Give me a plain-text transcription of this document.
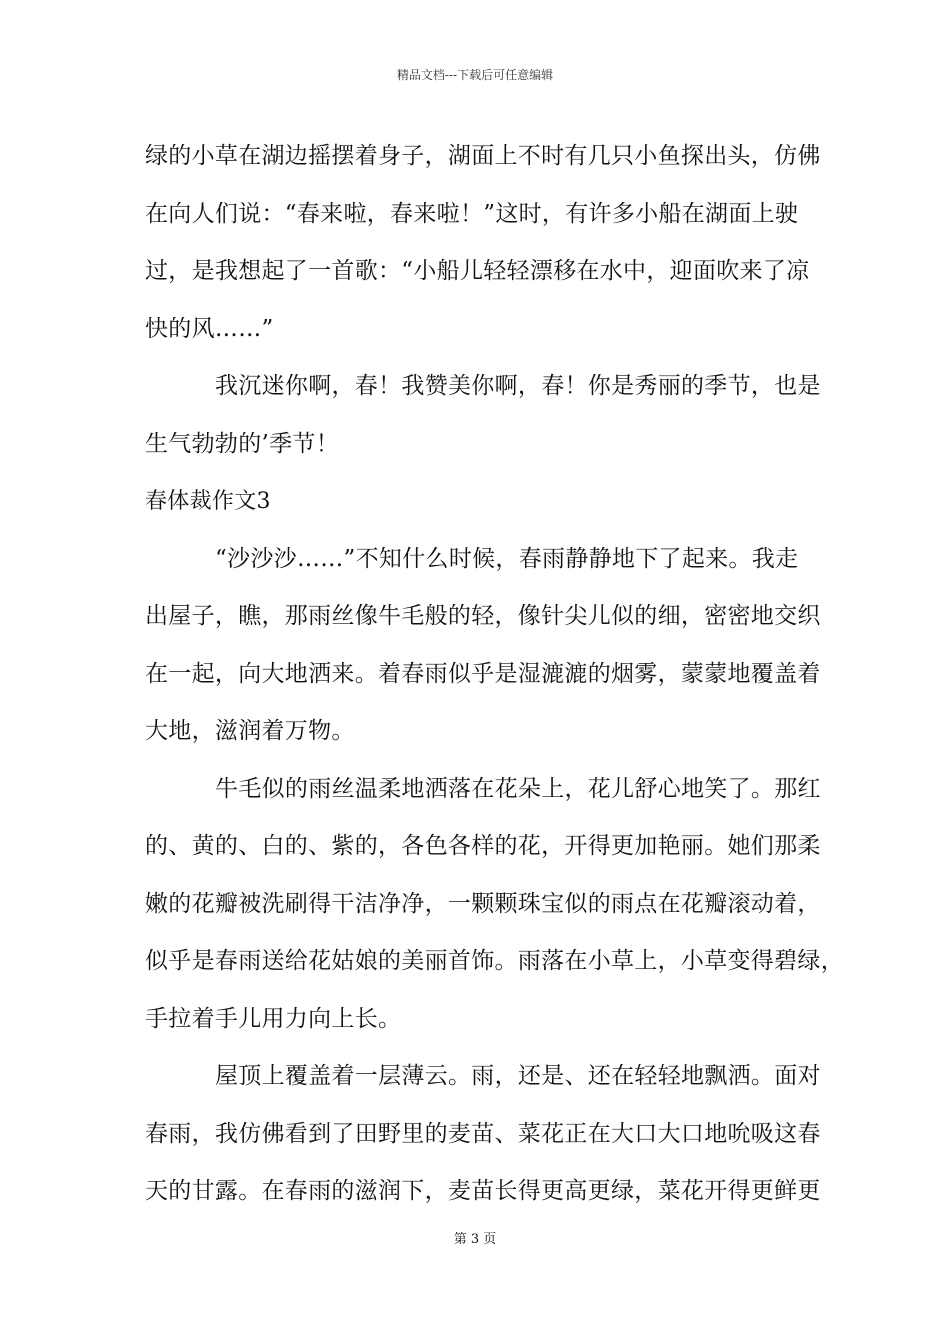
精品文档---下载后可任意编辑
绿的小草在湖边摇摆着身子，湖面上不时有几只小鱼探出头，仿佛
在向人们说：“春来啦，春来啦！”这时，有许多小船在湖面上驶
过，是我想起了一首歌：“小船儿轻轻漂移在水中，迎面吹来了凉
快的风……”
我沉迷你啊，春！我赞美你啊，春！你是秀丽的季节，也是
生气勃勃的’季节！
春体裁作文3
“沙沙沙……”不知什么时候，春雨静静地下了起来。我走
出屋子，瞧，那雨丝像牛毛般的轻，像针尖儿似的细，密密地交织
在一起，向大地洒来。着春雨似乎是湿漉漉的烟雾，蒙蒙地覆盖着
大地，滋润着万物。
牛毛似的雨丝温柔地洒落在花朵上，花儿舒心地笑了。那红
的、黄的、白的、紫的，各色各样的花，开得更加艳丽。她们那柔
嫩的花瓣被洗刷得干洁净净，一颗颗珠宝似的雨点在花瓣滚动着，
似乎是春雨送给花姑娘的美丽首饰。雨落在小草上，小草变得碧绿，
手拉着手儿用力向上长。
屋顶上覆盖着一层薄云。雨，还是、还在轻轻地飘洒。面对
春雨，我仿佛看到了田野里的麦苗、菜花正在大口大口地吮吸这春
天的甘露。在春雨的滋润下，麦苗长得更高更绿，菜花开得更鲜更
第 3 页
